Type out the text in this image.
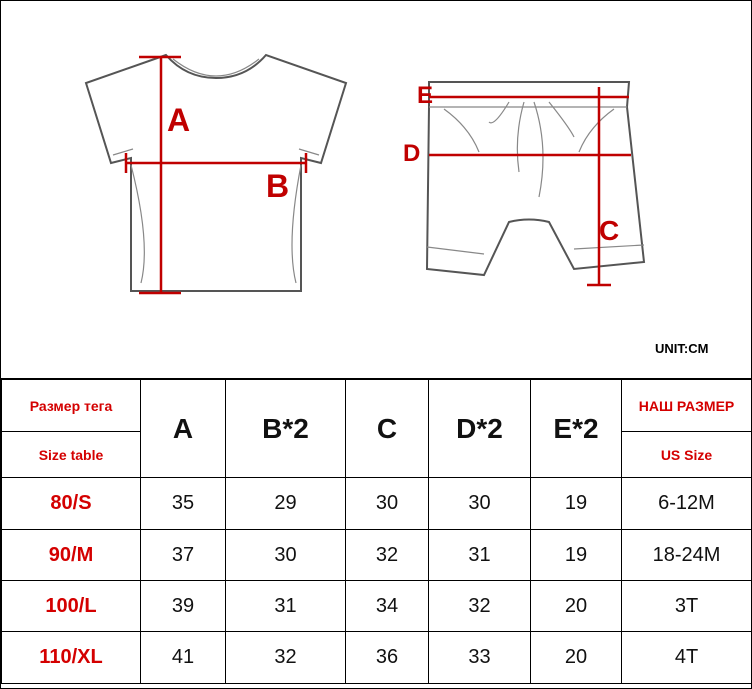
A
B
E
D
C
UNIT:CM
Размер тега	A	B*2	C	D*2	E*2	НАШ РАЗМЕР
Size table						US Size
80/S	35	29	30	30	19	6-12M
90/M	37	30	32	31	19	18-24M
100/L	39	31	34	32	20	3T
110/XL	41	32	36	33	20	4T
